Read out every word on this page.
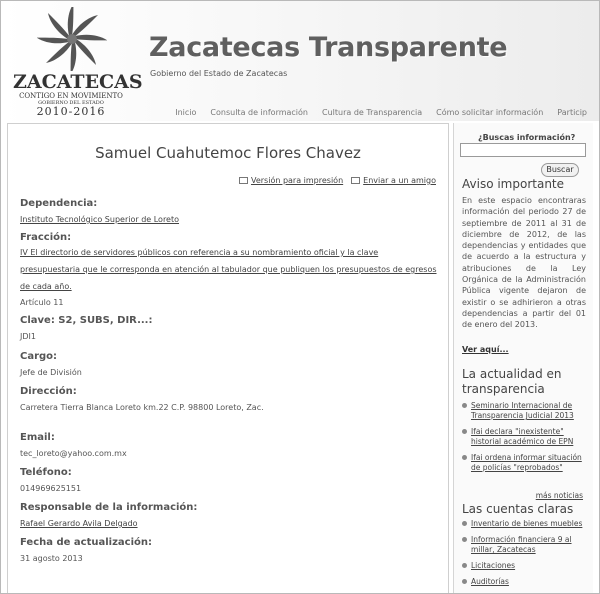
ZACATECAS
CONTIGO EN MOVIMIENTO
GOBIERNO DEL ESTADO
2010-2016
Zacatecas Transparente
Gobierno del Estado de Zacatecas
Inicio Consulta de información Cultura de Transparencia Cómo solicitar información Particip
Samuel Cuahutemoc Flores Chavez
Versión para impresión	Enviar a un amigo
Dependencia:
Instituto Tecnológico Superior de Loreto
Fracción:
IV El directorio de servidores públicos con referencia a su nombramiento oficial y la clave presupuestaria que le corresponda en atención al tabulador que publiquen los presupuestos de egresos de cada año.
Artículo 11
Clave: S2, SUBS, DIR...:
JDI1
Cargo:
Jefe de División
Dirección:
Carretera Tierra Blanca Loreto km.22 C.P. 98800 Loreto, Zac.
Email:
tec_loreto@yahoo.com.mx
Teléfono:
014969625151
Responsable de la información:
Rafael Gerardo Avila Delgado
Fecha de actualización:
31 agosto 2013
¿Buscas información?
Buscar
Aviso importante
En este espacio encontraras información del periodo 27 de septiembre de 2011 al 31 de diciembre de 2012, de las dependencias y entidades que de acuerdo a la estructura y atribuciones de la Ley Orgánica de la Administración Pública vigente dejaron de existir o se adhirieron a otras dependencias a partir del 01 de enero del 2013.
Ver aquí...
La actualidad en transparencia
Seminario Internacional de Transparencia Judicial 2013
Ifai declara "inexistente" historial académico de EPN
Ifai ordena informar situación de policías "reprobados"
más noticias
Las cuentas claras
Inventario de bienes muebles
Información financiera 9 al millar, Zacatecas
Licitaciones
Auditorías
